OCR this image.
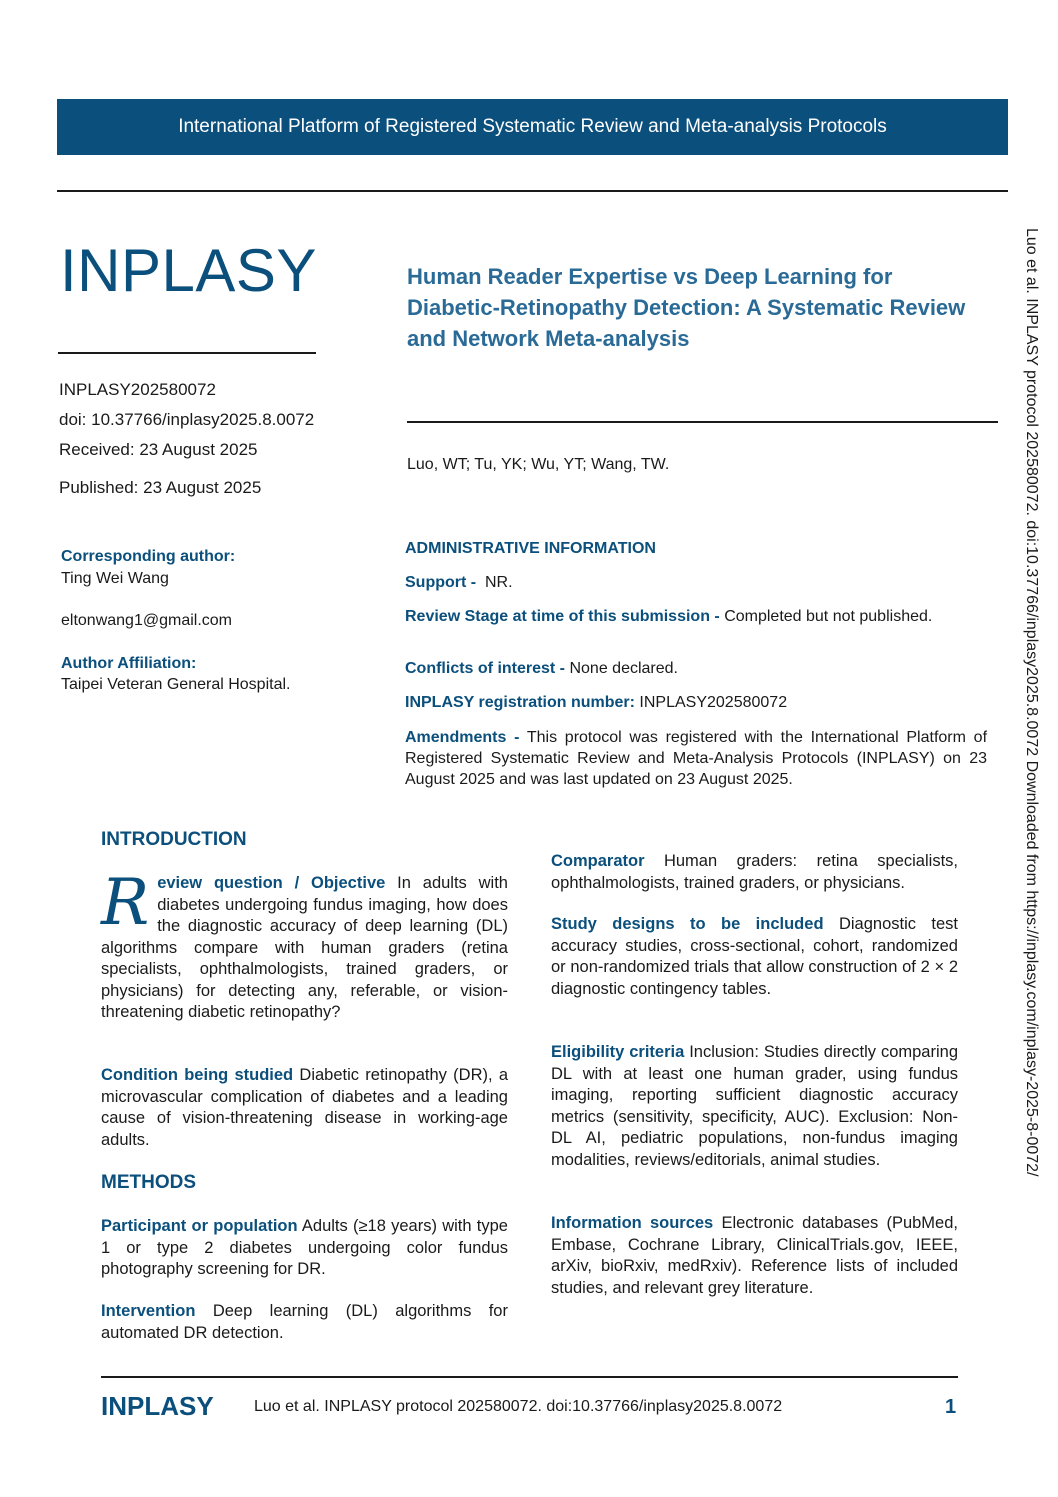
International Platform of Registered Systematic Review and Meta-analysis Protocols
INPLASY	Human Reader Expertise vs Deep Learning for Diabetic-Retinopathy Detection: A Systematic Review and Network Meta-analysis
INPLASY202580072
doi: 10.37766/inplasy2025.8.0072
Received: 23 August 2025
Published: 23 August 2025
Luo, WT; Tu, YK; Wu, YT; Wang, TW.
Corresponding author:
Ting Wei Wang
eltonwang1@gmail.com
Author Affiliation:
Taipei Veteran General Hospital.
ADMINISTRATIVE INFORMATION
Support - NR.
Review Stage at time of this submission - Completed but not published.
Conflicts of interest - None declared.
INPLASY registration number: INPLASY202580072
Amendments - This protocol was registered with the International Platform of Registered Systematic Review and Meta-Analysis Protocols (INPLASY) on 23 August 2025 and was last updated on 23 August 2025.
INTRODUCTION
Review question / Objective In adults with diabetes undergoing fundus imaging, how does the diagnostic accuracy of deep learning (DL) algorithms compare with human graders (retina specialists, ophthalmologists, trained graders, or physicians) for detecting any, referable, or vision-threatening diabetic retinopathy?
Condition being studied Diabetic retinopathy (DR), a microvascular complication of diabetes and a leading cause of vision-threatening disease in working-age adults.
METHODS
Participant or population Adults (≥18 years) with type 1 or type 2 diabetes undergoing color fundus photography screening for DR.
Intervention Deep learning (DL) algorithms for automated DR detection.
Comparator Human graders: retina specialists, ophthalmologists, trained graders, or physicians.
Study designs to be included Diagnostic test accuracy studies, cross-sectional, cohort, randomized or non-randomized trials that allow construction of 2 × 2 diagnostic contingency tables.
Eligibility criteria Inclusion: Studies directly comparing DL with at least one human grader, using fundus imaging, reporting sufficient diagnostic accuracy metrics (sensitivity, specificity, AUC). Exclusion: Non-DL AI, pediatric populations, non-fundus imaging modalities, reviews/editorials, animal studies.
Information sources Electronic databases (PubMed, Embase, Cochrane Library, ClinicalTrials.gov, IEEE, arXiv, bioRxiv, medRxiv). Reference lists of included studies, and relevant grey literature.
Luo et al. INPLASY protocol 202580072. doi:10.37766/inplasy2025.8.0072 Downloaded from https://inplasy.com/inplasy-2025-8-0072/
INPLASY	Luo et al. INPLASY protocol 202580072. doi:10.37766/inplasy2025.8.0072	1
